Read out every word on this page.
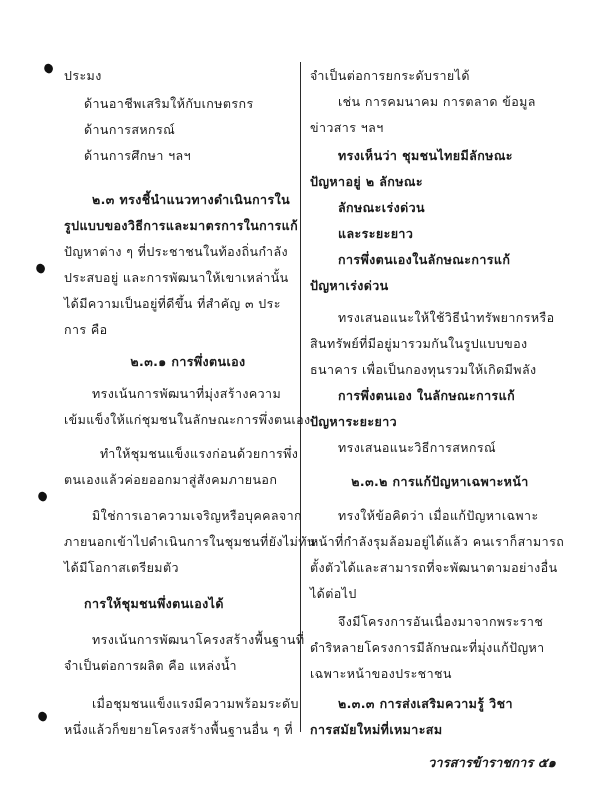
ประมง
ด้านอาชีพเสริมให้กับเกษตรกร
ด้านการสหกรณ์
ด้านการศึกษา ฯลฯ
๒.๓ ทรงชี้นำแนวทางดำเนินการใน
รูปแบบของวิธีการและมาตรการในการแก้
ปัญหาต่าง ๆ ที่ประชาชนในท้องถิ่นกำลัง
ประสบอยู่ และการพัฒนาให้เขาเหล่านั้น
ได้มีความเป็นอยู่ที่ดีขึ้น ที่สำคัญ ๓ ประ
การ คือ
๒.๓.๑ การพึ่งตนเอง
ทรงเน้นการพัฒนาที่มุ่งสร้างความ
เข้มแข็งให้แก่ชุมชนในลักษณะการพึ่งตนเอง
ทำให้ชุมชนแข็งแรงก่อนด้วยการพึ่ง
ตนเองแล้วค่อยออกมาสู่สังคมภายนอก
มิใช่การเอาความเจริญหรือบุคคลจาก
ภายนอกเข้าไปดำเนินการในชุมชนที่ยังไม่ทัน
ได้มีโอกาสเตรียมตัว
การให้ชุมชนพึ่งตนเองได้
ทรงเน้นการพัฒนาโครงสร้างพื้นฐานที่
จำเป็นต่อการผลิต คือ แหล่งน้ำ
เมื่อชุมชนแข็งแรงมีความพร้อมระดับ
หนึ่งแล้วก็ขยายโครงสร้างพื้นฐานอื่น ๆ ที่
จำเป็นต่อการยกระดับรายได้
เช่น การคมนาคม การตลาด ข้อมูล
ข่าวสาร ฯลฯ
ทรงเห็นว่า ชุมชนไทยมีลักษณะ
ปัญหาอยู่ ๒ ลักษณะ
ลักษณะเร่งด่วน
และระยะยาว
การพึ่งตนเองในลักษณะการแก้
ปัญหาเร่งด่วน
ทรงเสนอแนะให้ใช้วิธีนำทรัพยากรหรือ
สินทรัพย์ที่มีอยู่มารวมกันในรูปแบบของ
ธนาคาร เพื่อเป็นกองทุนรวมให้เกิดมีพลัง
การพึ่งตนเอง ในลักษณะการแก้
ปัญหาระยะยาว
ทรงเสนอแนะวิธีการสหกรณ์
๒.๓.๒ การแก้ปัญหาเฉพาะหน้า
ทรงให้ข้อคิดว่า เมื่อแก้ปัญหาเฉพาะ
หน้าที่กำลังรุมล้อมอยู่ได้แล้ว คนเราก็สามารถ
ตั้งตัวได้และสามารถที่จะพัฒนาตามอย่างอื่น
ได้ต่อไป
จึงมีโครงการอันเนื่องมาจากพระราช
ดำริหลายโครงการมีลักษณะที่มุ่งแก้ปัญหา
เฉพาะหน้าของประชาชน
๒.๓.๓ การส่งเสริมความรู้ วิชา
การสมัยใหม่ที่เหมาะสม
วารสารข้าราชการ ๕๑
